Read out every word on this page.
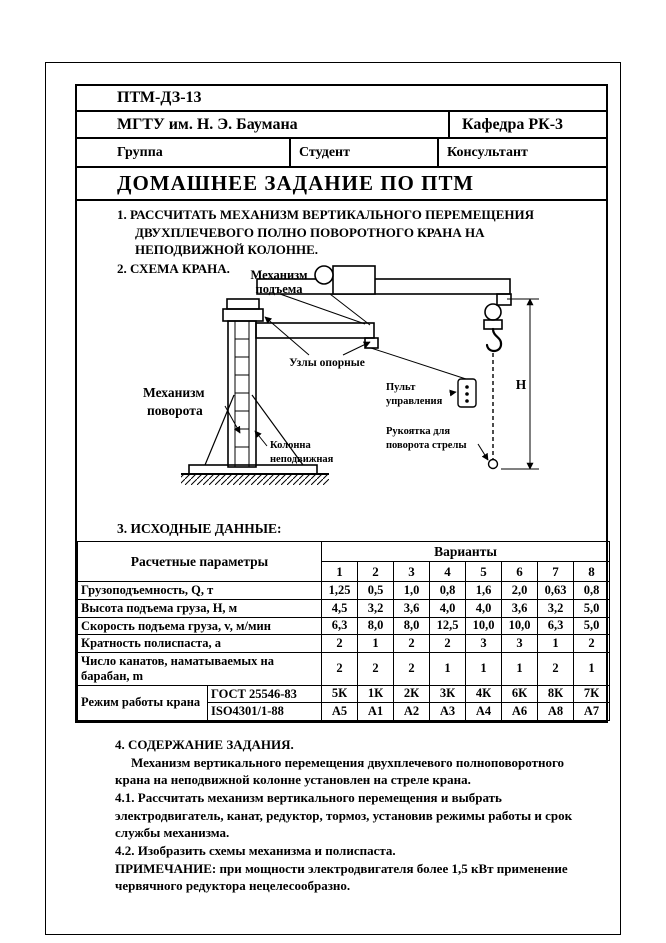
ПТМ-ДЗ-13
МГТУ им. Н. Э. Баумана	Кафедра РК-3
Группа	Студент	Консультант
ДОМАШНЕЕ ЗАДАНИЕ ПО ПТМ

1. РАССЧИТАТЬ МЕХАНИЗМ ВЕРТИКАЛЬНОГО ПЕРЕМЕЩЕНИЯ
ДВУХПЛЕЧЕВОГО ПОЛНО ПОВОРОТНОГО КРАНА НА
НЕПОДВИЖНОЙ КОЛОННЕ.

2. СХЕМА КРАНА.	Механизм
подъема
Узлы опорные
Механизм
поворота
Пульт
управления
Рукоятка для
поворота стрелы
Колонна
неподвижная
Н
3. ИСХОДНЫЕ ДАННЫЕ:
Расчетные параметры		Варианты							
		1	2	3	4	5	6	7	8
Грузоподъемность, Q, т		1,25	0,5	1,0	0,8	1,6	2,0	0,63	0,8
Высота подъема груза, Н, м		4,5	3,2	3,6	4,0	4,0	3,6	3,2	5,0
Скорость подъема груза, v, м/мин		6,3	8,0	8,0	12,5	10,0	10,0	6,3	5,0
Кратность полиспаста, а		2	1	2	2	3	3	1	2
Число канатов, наматываемых на барабан, m		2	2	2	1	1	1	2	1
Режим работы крана	ГОСТ 25546-83	5К	1К	2К	3К	4К	6К	8К	7К
	ISO4301/1-88	А5	А1	А2	А3	А4	А6	А8	А7

4. СОДЕРЖАНИЕ ЗАДАНИЯ.

Механизм вертикального перемещения двухплечевого полноповоротного крана на неподвижной колонне установлен на стреле крана.

4.1. Рассчитать механизм вертикального перемещения и выбрать электродвигатель, канат, редуктор, тормоз, установив режимы работы и срок службы механизма.

4.2. Изобразить схемы механизма и полиспаста.

ПРИМЕЧАНИЕ: при мощности электродвигателя более 1,5 кВт применение червячного редуктора нецелесообразно.
